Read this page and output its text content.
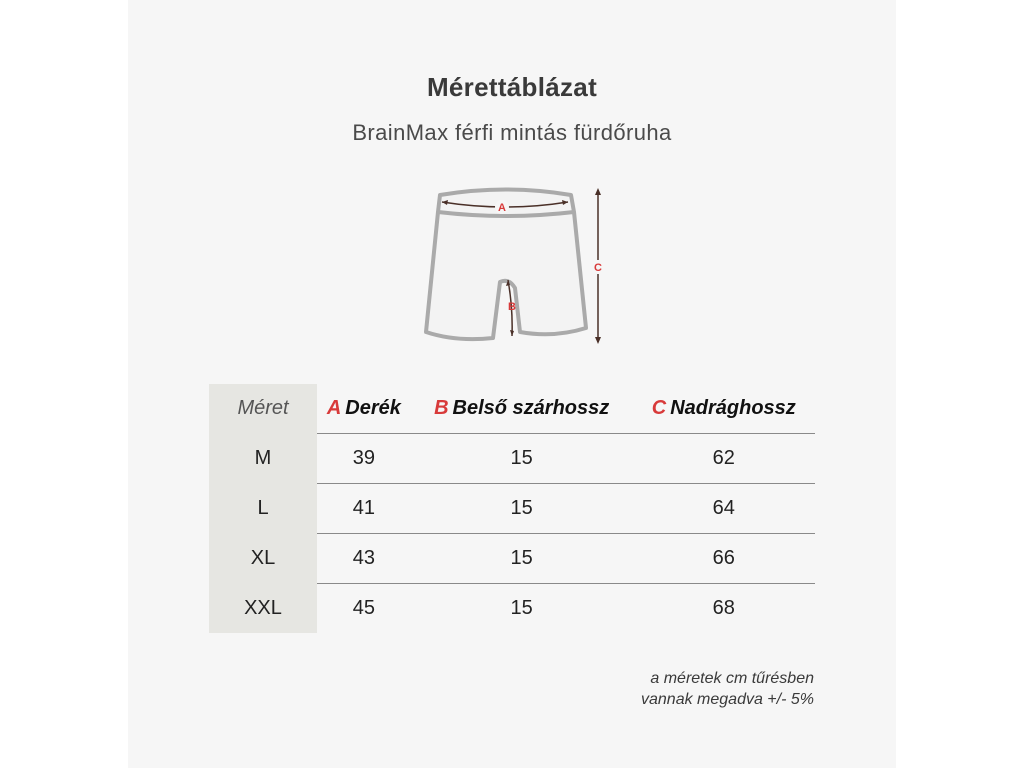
Mérettáblázat
BrainMax férfi mintás fürdőruha
A
B
C
Méret	A Derék	B Belső szárhossz	C Nadrághossz
M	39	15	62
L	41	15	64
XL	43	15	66
XXL	45	15	68
a méretek cm tűrésben
vannak megadva +/- 5%
